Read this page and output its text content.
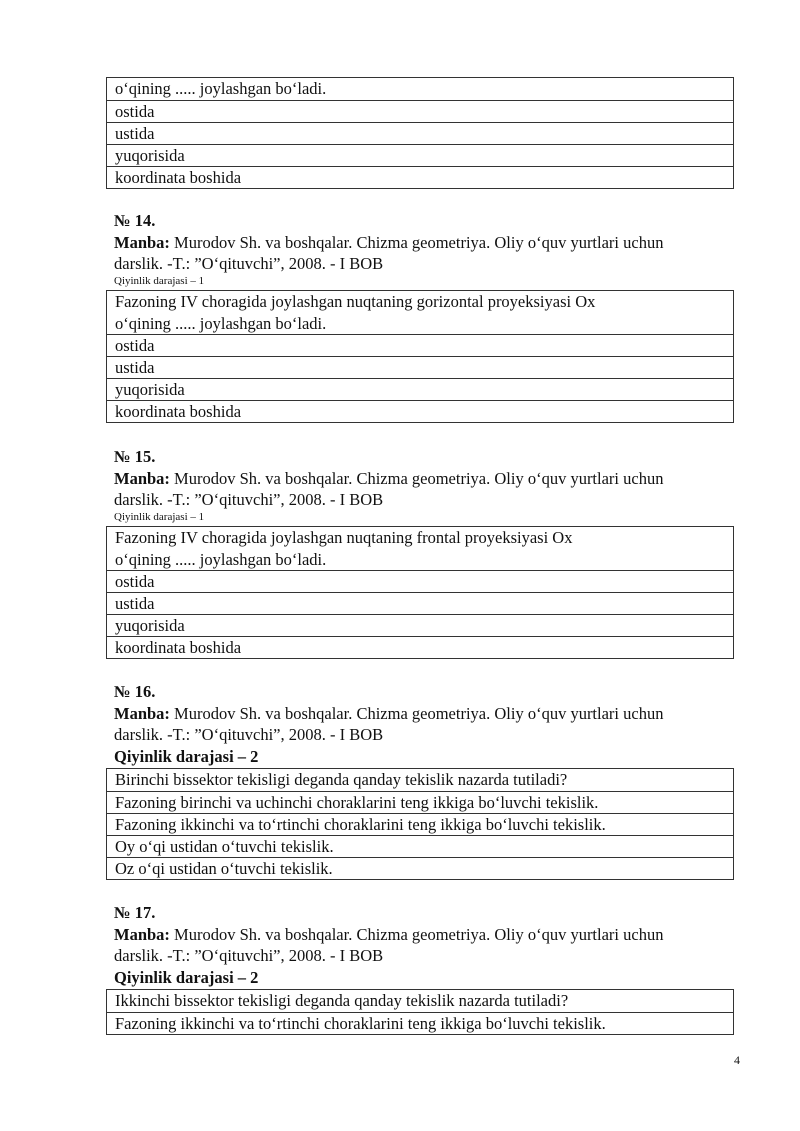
o‘qining ..... joylashgan bo‘ladi.
ostida
ustida
yuqorisida
koordinata boshida
№ 14.
Manba: Murodov Sh. va boshqalar. Chizma geometriya. Oliy o‘quv yurtlari uchun
darslik. -T.: ”O‘qituvchi”, 2008. - I BOB
Qiyinlik darajasi – 1
Fazoning IV choragida joylashgan nuqtaning gorizontal proyeksiyasi Ox
o‘qining ..... joylashgan bo‘ladi.
ostida
ustida
yuqorisida
koordinata boshida
№ 15.
Manba: Murodov Sh. va boshqalar. Chizma geometriya. Oliy o‘quv yurtlari uchun
darslik. -T.: ”O‘qituvchi”, 2008. - I BOB
Qiyinlik darajasi – 1
Fazoning IV choragida joylashgan nuqtaning frontal proyeksiyasi Ox
o‘qining ..... joylashgan bo‘ladi.
ostida
ustida
yuqorisida
koordinata boshida
№ 16.
Manba: Murodov Sh. va boshqalar. Chizma geometriya. Oliy o‘quv yurtlari uchun
darslik. -T.: ”O‘qituvchi”, 2008. - I BOB
Qiyinlik darajasi – 2
Birinchi bissektor tekisligi deganda qanday tekislik nazarda tutiladi?
Fazoning birinchi va uchinchi choraklarini teng ikkiga bo‘luvchi tekislik.
Fazoning ikkinchi va to‘rtinchi choraklarini teng ikkiga bo‘luvchi tekislik.
Oy o‘qi ustidan o‘tuvchi tekislik.
Oz o‘qi ustidan o‘tuvchi tekislik.
№ 17.
Manba: Murodov Sh. va boshqalar. Chizma geometriya. Oliy o‘quv yurtlari uchun
darslik. -T.: ”O‘qituvchi”, 2008. - I BOB
Qiyinlik darajasi – 2
Ikkinchi bissektor tekisligi deganda qanday tekislik nazarda tutiladi?
Fazoning ikkinchi va to‘rtinchi choraklarini teng ikkiga bo‘luvchi tekislik.
4
